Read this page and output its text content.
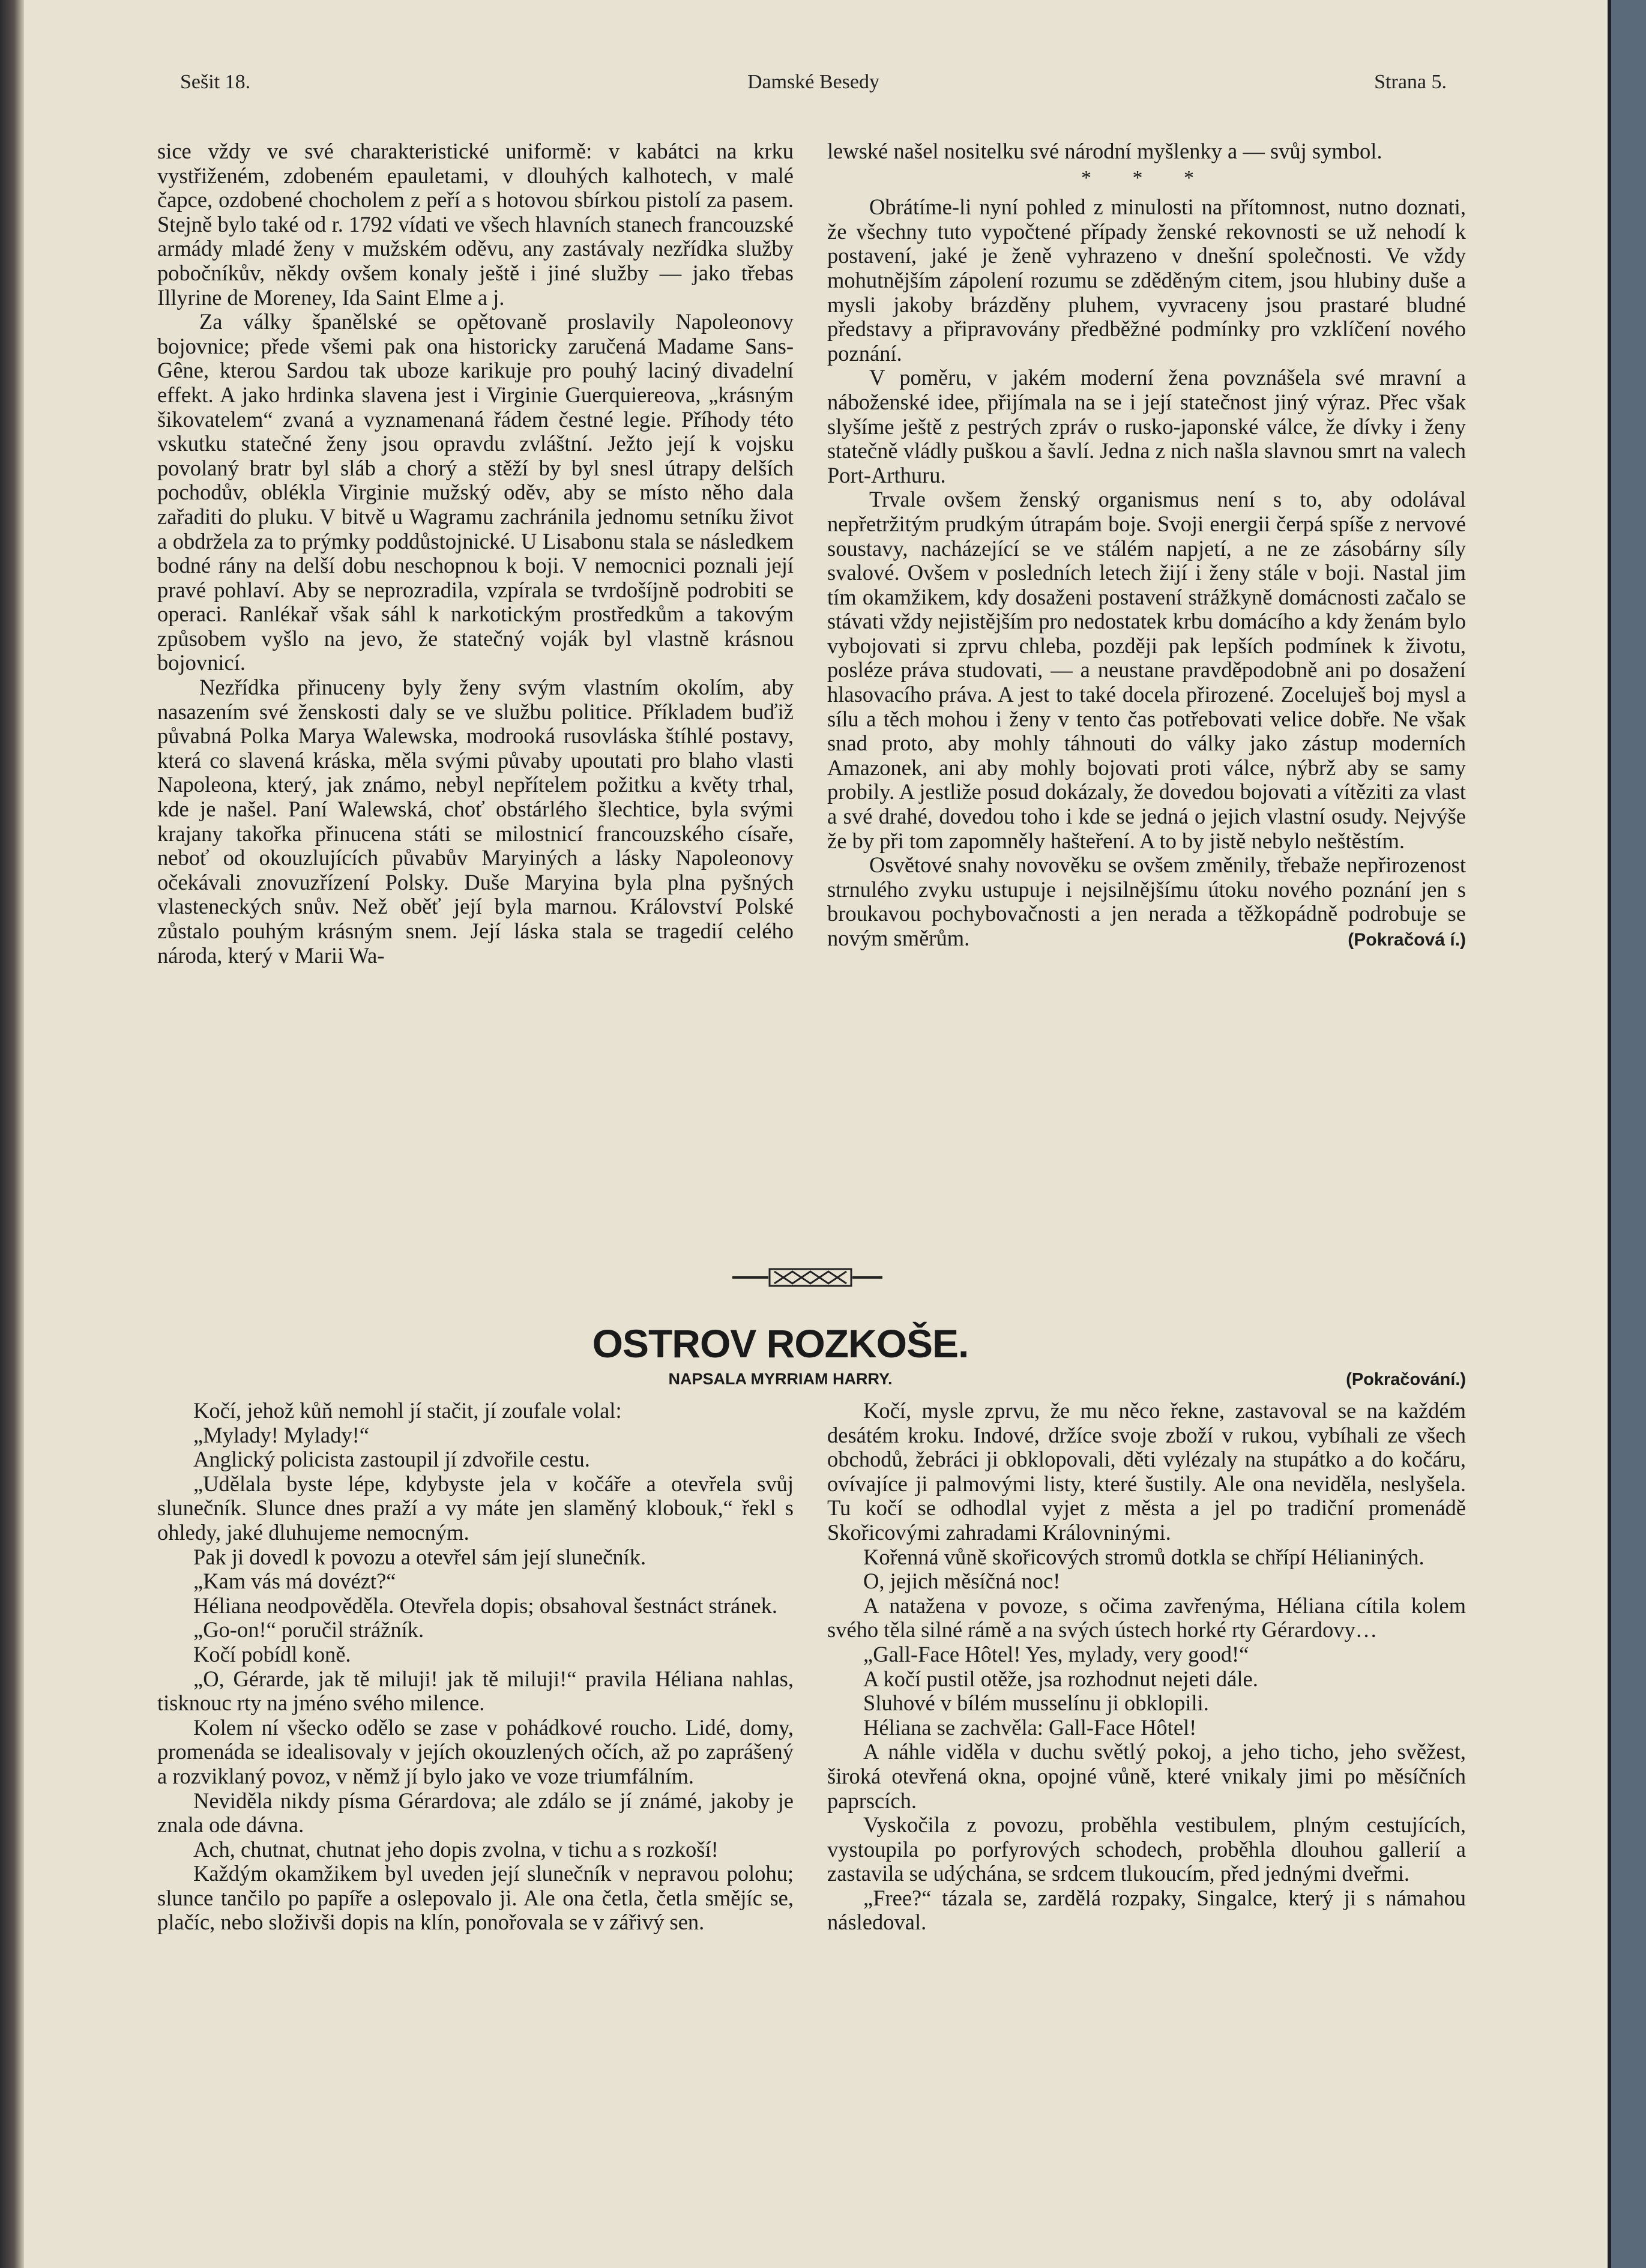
Sešit 18.	Damské Besedy	Strana 5.

sice vždy ve své charakteristické uniformě: v kabátci na krku vystřiženém, zdobeném epauletami, v dlouhých kalhotech, v malé čapce, ozdobené chocholem z peří a s hotovou sbírkou pistolí za pasem. Stejně bylo také od r. 1792 vídati ve všech hlavních stanech francouzské armády mladé ženy v mužském oděvu, any zastávaly nezřídka služby pobočníkův, někdy ovšem konaly ještě i jiné služby — jako třebas Illyrine de Moreney, Ida Saint Elme a j.

Za války španělské se opětovaně proslavily Napoleonovy bojovnice; přede všemi pak ona historicky zaručená Madame Sans-Gêne, kterou Sardou tak uboze karikuje pro pouhý laciný divadelní effekt. A jako hrdinka slavena jest i Virginie Guerquiereova, „krásným šikovatelem“ zvaná a vyznamenaná řádem čestné legie. Příhody této vskutku statečné ženy jsou opravdu zvláštní. Ježto její k vojsku povolaný bratr byl sláb a chorý a stěží by byl snesl útrapy delších pochodův, oblékla Virginie mužský oděv, aby se místo něho dala zařaditi do pluku. V bitvě u Wagramu zachránila jednomu setníku život a obdržela za to prýmky poddůstojnické. U Lisabonu stala se následkem bodné rány na delší dobu neschopnou k boji. V nemocnici poznali její pravé pohlaví. Aby se neprozradila, vzpírala se tvrdošíjně podrobiti se operaci. Ranlékař však sáhl k narkotickým prostředkům a takovým způsobem vyšlo na jevo, že statečný voják byl vlastně krásnou bojovnicí.

Nezřídka přinuceny byly ženy svým vlastním okolím, aby nasazením své ženskosti daly se ve službu politice. Příkladem buďiž půvabná Polka Marya Walewska, modrooká rusovláska štíhlé postavy, která co slavená kráska, měla svými půvaby upoutati pro blaho vlasti Napoleona, který, jak známo, nebyl nepřítelem požitku a květy trhal, kde je našel. Paní Walewská, choť obstárlého šlechtice, byla svými krajany takořka přinucena státi se milostnicí francouzského císaře, neboť od okouzlujících půvabův Maryiných a lásky Napoleonovy očekávali znovuzřízení Polsky. Duše Maryina byla plna pyšných vlasteneckých snův. Než oběť její byla marnou. Království Polské zůstalo pouhým krásným snem. Její láska stala se tragedií celého národa, který v Marii Wa-

lewské našel nositelku své národní myšlenky a — svůj symbol.

* * *

Obrátíme-li nyní pohled z minulosti na přítomnost, nutno doznati, že všechny tuto vypočtené případy ženské rekovnosti se už nehodí k postavení, jaké je ženě vyhrazeno v dnešní společnosti. Ve vždy mohutnějším zápolení rozumu se zděděným citem, jsou hlubiny duše a mysli jakoby brázděny pluhem, vyvraceny jsou prastaré bludné představy a připravovány předběžné podmínky pro vzklíčení nového poznání.

V poměru, v jakém moderní žena povznášela své mravní a náboženské idee, přijímala na se i její statečnost jiný výraz. Přec však slyšíme ještě z pestrých zpráv o rusko-japonské válce, že dívky i ženy statečně vládly puškou a šavlí. Jedna z nich našla slavnou smrt na valech Port-Arthuru.

Trvale ovšem ženský organismus není s to, aby odolával nepřetržitým prudkým útrapám boje. Svoji energii čerpá spíše z nervové soustavy, nacházející se ve stálém napjetí, a ne ze zásobárny síly svalové. Ovšem v posledních letech žijí i ženy stále v boji. Nastal jim tím okamžikem, kdy dosaženi postavení strážkyně domácnosti začalo se stávati vždy nejistějším pro nedostatek krbu domácího a kdy ženám bylo vybojovati si zprvu chleba, později pak lepších podmínek k životu, posléze práva studovati, — a neustane pravděpodobně ani po dosažení hlasovacího práva. A jest to také docela přirozené. Zoceluješ boj mysl a sílu a těch mohou i ženy v tento čas potřebovati velice dobře. Ne však snad proto, aby mohly táhnouti do války jako zástup moderních Amazonek, ani aby mohly bojovati proti válce, nýbrž aby se samy probily. A jestliže posud dokázaly, že dovedou bojovati a vítěziti za vlast a své drahé, dovedou toho i kde se jedná o jejich vlastní osudy. Nejvýše že by při tom zapomněly hašteření. A to by jistě nebylo neštěstím.

Osvětové snahy novověku se ovšem změnily, třebaže nepřirozenost strnulého zvyku ustupuje i nejsilnějšímu útoku nového poznání jen s broukavou pochybovačnosti a jen nerada a těžkopádně podrobuje se novým směrům.	(Pokračová í.)
OSTROV ROZKOŠE.
NAPSALA MYRRIAM HARRY.	(Pokračování.)

Kočí, jehož kůň nemohl jí stačit, jí zoufale volal:

„Mylady! Mylady!“

Anglický policista zastoupil jí zdvořile cestu.

„Udělala byste lépe, kdybyste jela v kočáře a otevřela svůj slunečník. Slunce dnes praží a vy máte jen slaměný klobouk,“ řekl s ohledy, jaké dluhujeme nemocným.

Pak ji dovedl k povozu a otevřel sám její slunečník.

„Kam vás má dovézt?“

Héliana neodpověděla. Otevřela dopis; obsahoval šestnáct stránek.

„Go-on!“ poručil strážník.

Kočí pobídl koně.

„O, Gérarde, jak tě miluji! jak tě miluji!“ pravila Héliana nahlas, tisknouc rty na jméno svého milence.

Kolem ní všecko odělo se zase v pohádkové roucho. Lidé, domy, promenáda se idealisovaly v jejích okouzlených očích, až po zaprášený a rozviklaný povoz, v němž jí bylo jako ve voze triumfálním.

Neviděla nikdy písma Gérardova; ale zdálo se jí známé, jakoby je znala ode dávna.

Ach, chutnat, chutnat jeho dopis zvolna, v tichu a s rozkoší!

Každým okamžikem byl uveden její slunečník v nepravou polohu; slunce tančilo po papíře a oslepovalo ji. Ale ona četla, četla smějíc se, plačíc, nebo složivši dopis na klín, ponořovala se v zářivý sen.

Kočí, mysle zprvu, že mu něco řekne, zastavoval se na každém desátém kroku. Indové, držíce svoje zboží v rukou, vybíhali ze všech obchodů, žebráci ji obklopovali, děti vylézaly na stupátko a do kočáru, ovívajíce ji palmovými listy, které šustily. Ale ona neviděla, neslyšela. Tu kočí se odhodlal vyjet z města a jel po tradiční promenádě Skořicovými zahradami Královninými.

Kořenná vůně skořicových stromů dotkla se chřípí Hélianiných.

O, jejich měsíčná noc!

A natažena v povoze, s očima zavřenýma, Héliana cítila kolem svého těla silné rámě a na svých ústech horké rty Gérardovy…

„Gall-Face Hôtel! Yes, mylady, very good!“

A kočí pustil otěže, jsa rozhodnut nejeti dále.

Sluhové v bílém musselínu ji obklopili.

Héliana se zachvěla: Gall-Face Hôtel!

A náhle viděla v duchu světlý pokoj, a jeho ticho, jeho svěžest, široká otevřená okna, opojné vůně, které vnikaly jimi po měsíčních paprscích.

Vyskočila z povozu, proběhla vestibulem, plným cestujících, vystoupila po porfyrových schodech, proběhla dlouhou gallerií a zastavila se udýchána, se srdcem tlukoucím, před jednými dveřmi.

„Free?“ tázala se, zardělá rozpaky, Singalce, který ji s námahou následoval.
